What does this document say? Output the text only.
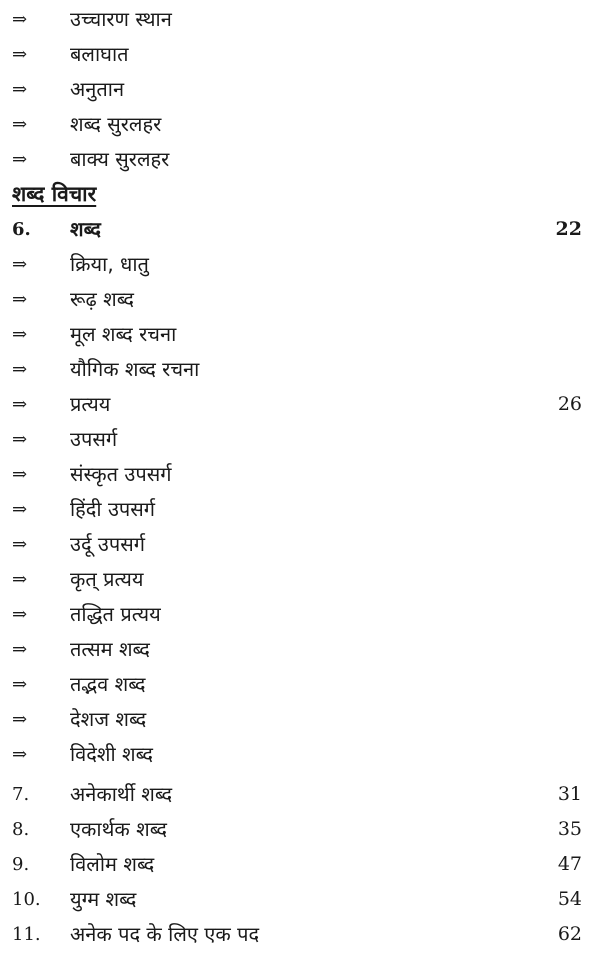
⇒ उच्चारण स्थान
⇒ बलाघात
⇒ अनुतान
⇒ शब्द सुरलहर
⇒ बाक्य सुरलहर
शब्द विचार
6. शब्द	22
⇒ क्रिया, धातु
⇒ रूढ़ शब्द
⇒ मूल शब्द रचना
⇒ यौगिक शब्द रचना
⇒ प्रत्यय	26
⇒ उपसर्ग
⇒ संस्कृत उपसर्ग
⇒ हिंदी उपसर्ग
⇒ उर्दू उपसर्ग
⇒ कृत् प्रत्यय
⇒ तद्धित प्रत्यय
⇒ तत्सम शब्द
⇒ तद्भव शब्द
⇒ देशज शब्द
⇒ विदेशी शब्द
7. अनेकार्थी शब्द	31
8. एकार्थक शब्द	35
9. विलोम शब्द	47
10. युग्म शब्द	54
11. अनेक पद के लिए एक पद	62
